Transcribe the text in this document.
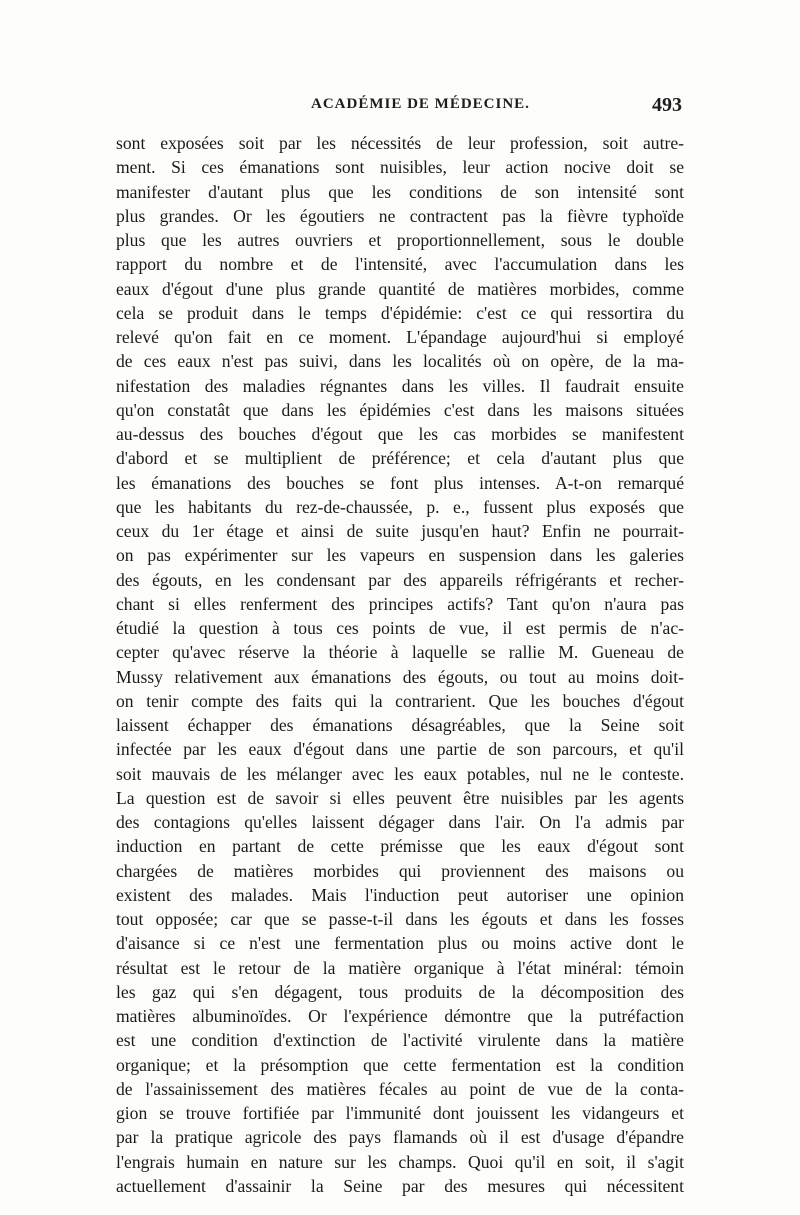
ACADÉMIE DE MÉDECINE.	493
sont exposées soit par les nécessités de leur profession, soit autre-
ment. Si ces émanations sont nuisibles, leur action nocive doit se
manifester d'autant plus que les conditions de son intensité sont
plus grandes. Or les égoutiers ne contractent pas la fièvre typhoïde
plus que les autres ouvriers et proportionnellement, sous le double
rapport du nombre et de l'intensité, avec l'accumulation dans les
eaux d'égout d'une plus grande quantité de matières morbides, comme
cela se produit dans le temps d'épidémie: c'est ce qui ressortira du
relevé qu'on fait en ce moment. L'épandage aujourd'hui si employé
de ces eaux n'est pas suivi, dans les localités où on opère, de la ma-
nifestation des maladies régnantes dans les villes. Il faudrait ensuite
qu'on constatât que dans les épidémies c'est dans les maisons situées
au-dessus des bouches d'égout que les cas morbides se manifestent
d'abord et se multiplient de préférence; et cela d'autant plus que
les émanations des bouches se font plus intenses. A-t-on remarqué
que les habitants du rez-de-chaussée, p. e., fussent plus exposés que
ceux du 1er étage et ainsi de suite jusqu'en haut? Enfin ne pourrait-
on pas expérimenter sur les vapeurs en suspension dans les galeries
des égouts, en les condensant par des appareils réfrigérants et recher-
chant si elles renferment des principes actifs? Tant qu'on n'aura pas
étudié la question à tous ces points de vue, il est permis de n'ac-
cepter qu'avec réserve la théorie à laquelle se rallie M. Gueneau de
Mussy relativement aux émanations des égouts, ou tout au moins doit-
on tenir compte des faits qui la contrarient. Que les bouches d'égout
laissent échapper des émanations désagréables, que la Seine soit
infectée par les eaux d'égout dans une partie de son parcours, et qu'il
soit mauvais de les mélanger avec les eaux potables, nul ne le conteste.
La question est de savoir si elles peuvent être nuisibles par les agents
des contagions qu'elles laissent dégager dans l'air. On l'a admis par
induction en partant de cette prémisse que les eaux d'égout sont
chargées de matières morbides qui proviennent des maisons ou
existent des malades. Mais l'induction peut autoriser une opinion
tout opposée; car que se passe-t-il dans les égouts et dans les fosses
d'aisance si ce n'est une fermentation plus ou moins active dont le
résultat est le retour de la matière organique à l'état minéral: témoin
les gaz qui s'en dégagent, tous produits de la décomposition des
matières albuminoïdes. Or l'expérience démontre que la putréfaction
est une condition d'extinction de l'activité virulente dans la matière
organique; et la présomption que cette fermentation est la condition
de l'assainissement des matières fécales au point de vue de la conta-
gion se trouve fortifiée par l'immunité dont jouissent les vidangeurs et
par la pratique agricole des pays flamands où il est d'usage d'épandre
l'engrais humain en nature sur les champs. Quoi qu'il en soit, il s'agit
actuellement d'assainir la Seine par des mesures qui nécessitent
